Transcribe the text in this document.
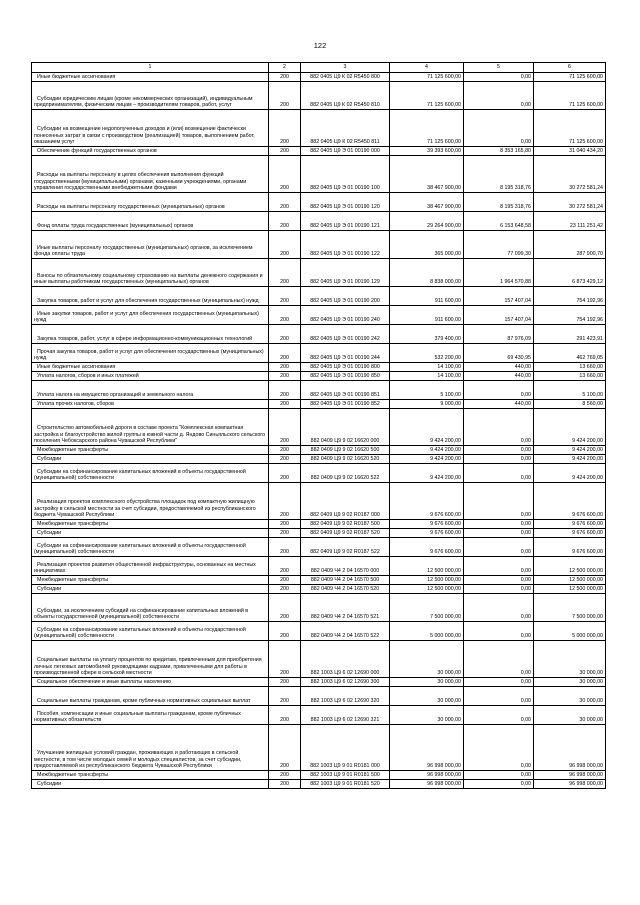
122
1	2	3	4	5	6
Иные бюджетные ассигнования	200	882 0405 Ц9 К 02 R5450 800	71 125 600,00	0,00	71 125 600,00
Субсидии юридическим лицам (кроме некоммерческих организаций), индивидуальным предпринимателям, физическим лицам – производителям товаров, работ, услуг	200	882 0405 Ц9 К 02 R5450 810	71 125 600,00	0,00	71 125 600,00
Субсидии на возмещение недополученных доходов и (или) возмещение фактически понесенных затрат в связи с производством (реализацией) товаров, выполнением работ, оказанием услуг	200	882 0405 Ц9 К 02 R5450 811	71 125 600,00	0,00	71 125 600,00
Обеспечение функций государственных органов	200	882 0405 Ц9 Э 01 00190 000	39 393 600,00	8 353 165,80	31 040 434,20
Расходы на выплаты персоналу в целях обеспечения выполнения функций государственными (муниципальными) органами, казенными учреждениями, органами управления государственными внебюджетными фондами	200	882 0405 Ц9 Э 01 00190 100	38 467 900,00	8 195 318,76	30 272 581,24
Расходы на выплаты персоналу государственных (муниципальных) органов	200	882 0405 Ц9 Э 01 00190 120	38 467 900,00	8 195 318,76	30 272 581,24
Фонд оплаты труда государственных (муниципальных) органов	200	882 0405 Ц9 Э 01 00190 121	29 264 900,00	6 153 648,58	23 111 251,42
Иные выплаты персоналу государственных (муниципальных) органов, за исключением фонда оплаты труда	200	882 0405 Ц9 Э 01 00190 122	365 000,00	77 099,30	287 900,70
Взносы по обязательному социальному страхованию на выплаты денежного содержания и иные выплаты работникам государственных (муниципальных) органов	200	882 0405 Ц9 Э 01 00190 129	8 838 000,00	1 964 570,88	6 873 429,12
Закупка товаров, работ и услуг для обеспечения государственных (муниципальных) нужд	200	882 0405 Ц9 Э 01 00190 200	911 600,00	157 407,04	754 192,96
Иные закупки товаров, работ и услуг для обеспечения государственных (муниципальных) нужд	200	882 0405 Ц9 Э 01 00190 240	911 600,00	157 407,04	754 192,96
Закупка товаров, работ, услуг в сфере информационно-коммуникационных технологий	200	882 0405 Ц9 Э 01 00190 242	379 400,00	87 976,09	291 423,91
Прочая закупка товаров, работ и услуг для обеспечения государственных (муниципальных) нужд	200	882 0405 Ц9 Э 01 00190 244	532 200,00	69 430,95	462 769,05
Иные бюджетные ассигнования	200	882 0405 Ц9 Э 01 00190 800	14 100,00	440,00	13 660,00
Уплата налогов, сборов и иных платежей	200	882 0405 Ц9 Э 01 00190 850	14 100,00	440,00	13 660,00
Уплата налога на имущество организаций и земельного налога	200	882 0405 Ц9 Э 01 00190 851	5 100,00	0,00	5 100,00
Уплата прочих налогов, сборов	200	882 0405 Ц9 Э 01 00190 852	9 000,00	440,00	8 560,00
Строительство автомобильной дороги в составе проекта "Комплексная компактная застройка и благоустройство жилой группы в южной части д. Яндово Синьяльского сельского поселения Чебоксарского района Чувашской Республики"	200	882 0409 Ц9 9 02 16620 000	9 424 200,00	0,00	9 424 200,00
Межбюджетные трансферты	200	882 0409 Ц9 9 02 16620 500	9 424 200,00	0,00	9 424 200,00
Субсидии	200	882 0409 Ц9 9 02 16620 520	9 424 200,00	0,00	9 424 200,00
Субсидии на софинансирование капитальных вложений в объекты государственной (муниципальной) собственности	200	882 0409 Ц9 9 02 16620 522	9 424 200,00	0,00	9 424 200,00
Реализация проектов комплексного обустройства площадок под компактную жилищную застройку в сельской местности за счет субсидии, предоставляемой из республиканского бюджета Чувашской Республики	200	882 0409 Ц9 9 02 R0187 000	9 676 600,00	0,00	9 676 600,00
Межбюджетные трансферты	200	882 0409 Ц9 9 02 R0187 500	9 676 600,00	0,00	9 676 600,00
Субсидии	200	882 0409 Ц9 9 02 R0187 520	9 676 600,00	0,00	9 676 600,00
Субсидии на софинансирование капитальных вложений в объекты государственной (муниципальной) собственности	200	882 0409 Ц9 9 02 R0187 522	9 676 600,00	0,00	9 676 600,00
Реализация проектов развития общественной инфраструктуры, основанных на местных инициативах	200	882 0409 Ч4 2 04 16570 000	12 500 000,00	0,00	12 500 000,00
Межбюджетные трансферты	200	882 0409 Ч4 2 04 16570 500	12 500 000,00	0,00	12 500 000,00
Субсидии	200	882 0409 Ч4 2 04 16570 520	12 500 000,00	0,00	12 500 000,00
Субсидии, за исключением субсидий на софинансирование капитальных вложений в объекты государственной (муниципальной) собственности	200	882 0409 Ч4 2 04 16570 521	7 500 000,00	0,00	7 500 000,00
Субсидии на софинансирование капитальных вложений в объекты государственной (муниципальной) собственности	200	882 0409 Ч4 2 04 16570 522	5 000 000,00	0,00	5 000 000,00
Социальные выплаты на уплату процентов по кредитам, привлеченным для приобретения личных легковых автомобилей руководящими кадрами, привлеченными для работы в производственной сфере в сельской местности	200	882 1003 Ц9 6 02 12690 000	30 000,00	0,00	30 000,00
Социальное обеспечение и иные выплаты населению	200	882 1003 Ц9 6 02 12690 300	30 000,00	0,00	30 000,00
Социальные выплаты гражданам, кроме публичных нормативных социальных выплат	200	882 1003 Ц9 6 02 12690 320	30 000,00	0,00	30 000,00
Пособия, компенсации и иные социальные выплаты гражданам, кроме публичных нормативных обязательств	200	882 1003 Ц9 6 02 12690 321	30 000,00	0,00	30 000,00
Улучшение жилищных условий граждан, проживающих и работающих в сельской местности, в том числе молодых семей и молодых специалистов, за счет субсидии, предоставляемой из республиканского бюджета Чувашской Республики	200	882 1003 Ц9 9 01 R0181 000	96 998 000,00	0,00	96 998 000,00
Межбюджетные трансферты	200	882 1003 Ц9 9 01 R0181 500	96 998 000,00	0,00	96 998 000,00
Субсидии	200	882 1003 Ц9 9 01 R0181 520	96 998 000,00	0,00	96 998 000,00
